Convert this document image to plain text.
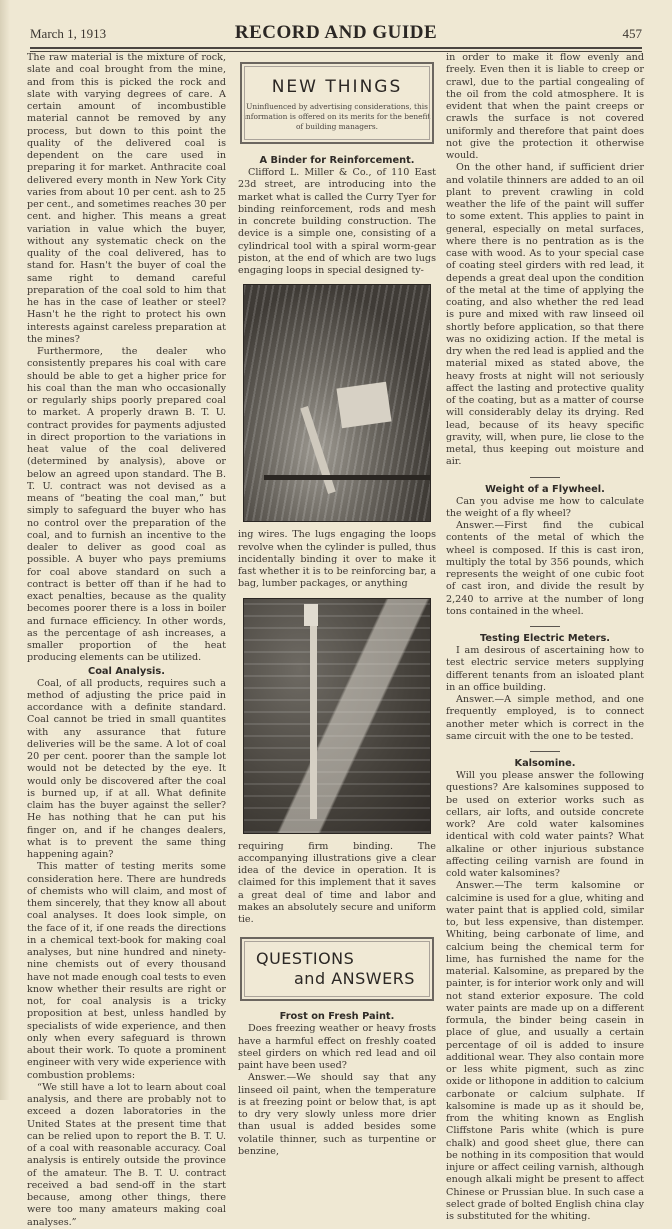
March 1, 1913	RECORD AND GUIDE	457

The raw material is the mixture of rock, slate and coal brought from the mine, and from this is picked the rock and slate with varying degrees of care. A certain amount of incombustible material cannot be removed by any process, but down to this point the quality of the delivered coal is dependent on the care used in preparing it for market. Anthracite coal delivered every month in New York City varies from about 10 per cent. ash to 25 per cent., and sometimes reaches 30 per cent. and higher. This means a great variation in value which the buyer, without any systematic check on the quality of the coal delivered, has to stand for. Hasn't the buyer of coal the same right to demand careful preparation of the coal sold to him that he has in the case of leather or steel? Hasn't he the right to protect his own interests against careless preparation at the mines?

Furthermore, the dealer who consistently prepares his coal with care should be able to get a higher price for his coal than the man who occasionally or regularly ships poorly prepared coal to market. A properly drawn B. T. U. contract provides for payments adjusted in direct proportion to the variations in heat value of the coal delivered (determined by analysis), above or below an agreed upon standard. The B. T. U. contract was not devised as a means of “beating the coal man,” but simply to safeguard the buyer who has no control over the preparation of the coal, and to furnish an incentive to the dealer to deliver as good coal as possible. A buyer who pays premiums for coal above standard on such a contract is better off than if he had to exact penalties, because as the quality becomes poorer there is a loss in boiler and furnace efficiency. In other words, as the percentage of ash increases, a smaller proportion of the heat producing elements can be utilized.

Coal Analysis.

Coal, of all products, requires such a method of adjusting the price paid in accordance with a definite standard. Coal cannot be tried in small quantites with any assurance that future deliveries will be the same. A lot of coal 20 per cent. poorer than the sample lot would not be detected by the eye. It would only be discovered after the coal is burned up, if at all. What definite claim has the buyer against the seller? He has nothing that he can put his finger on, and if he changes dealers, what is to prevent the same thing happening again?

This matter of testing merits some consideration here. There are hundreds of chemists who will claim, and most of them sincerely, that they know all about coal analyses. It does look simple, on the face of it, if one reads the directions in a chemical text-book for making coal analyses, but nine hundred and ninety-nine chemists out of every thousand have not made enough coal tests to even know whether their results are right or not, for coal analysis is a tricky proposition at best, unless handled by specialists of wide experience, and then only when every safeguard is thrown about their work. To quote a prominent engineer with very wide experience with combustion problems:

“We still have a lot to learn about coal analysis, and there are probably not to exceed a dozen laboratories in the United States at the present time that can be relied upon to report the B. T. U. of a coal with reasonable accuracy. Coal analysis is entirely outside the province of the amateur. The B. T. U. contract received a bad send-off in the start because, among other things, there were too many amateurs making coal analyses.”

NEW THINGS
Uninfluenced by advertising considerations, this information is offered on its merits for the benefit of building managers.
A Binder for Reinforcement.

Clifford L. Miller & Co., of 110 East 23d street, are introducing into the market what is called the Curry Tyer for binding reinforcement, rods and mesh in concrete building construction. The device is a simple one, consisting of a cylindrical tool with a spiral worm-gear piston, at the end of which are two lugs engaging loops in special designed ty-

ing wires. The lugs engaging the loops revolve when the cylinder is pulled, thus incidentally binding it over to make it fast whether it is to be reinforcing bar, a bag, lumber packages, or anything

requiring firm binding. The accompanying illustrations give a clear idea of the device in operation. It is claimed for this implement that it saves a great deal of time and labor and makes an absolutely secure and uniform tie.

QUESTIONS
and ANSWERS
Frost on Fresh Paint.

Does freezing weather or heavy frosts have a harmful effect on freshly coated steel girders on which red lead and oil paint have been used?

Answer.—We should say that any linseed oil paint, when the temperature is at freezing point or below that, is apt to dry very slowly unless more drier than usual is added besides some volatile thinner, such as turpentine or benzine,

in order to make it flow evenly and freely. Even then it is liable to creep or crawl, due to the partial congealing of the oil from the cold atmosphere. It is evident that when the paint creeps or crawls the surface is not covered uniformly and therefore that paint does not give the protection it otherwise would.

On the other hand, if sufficient drier and volatile thinners are added to an oil plant to prevent crawling in cold weather the life of the paint will suffer to some extent. This applies to paint in general, especially on metal surfaces, where there is no pentration as is the case with wood. As to your special case of coating steel girders with red lead, it depends a great deal upon the condition of the metal at the time of applying the coating, and also whether the red lead is pure and mixed with raw linseed oil shortly before application, so that there was no oxidizing action. If the metal is dry when the red lead is applied and the material mixed as stated above, the heavy frosts at night will not seriously affect the lasting and protective quality of the coating, but as a matter of course will considerably delay its drying. Red lead, because of its heavy specific gravity, will, when pure, lie close to the metal, thus keeping out moisture and air.

Weight of a Flywheel.

Can you advise me how to calculate the weight of a fly wheel?

Answer.—First find the cubical contents of the metal of which the wheel is composed. If this is cast iron, multiply the total by 356 pounds, which represents the weight of one cubic foot of cast iron, and divide the result by 2,240 to arrive at the number of long tons contained in the wheel.

Testing Electric Meters.

I am desirous of ascertaining how to test electric service meters supplying different tenants from an isloated plant in an office building.

Answer.—A simple method, and one frequently employed, is to connect another meter which is correct in the same circuit with the one to be tested.

Kalsomine.

Will you please answer the following questions? Are kalsomines supposed to be used on exterior works such as cellars, air lofts, and outside concrete work? Are cold water kalsomines identical with cold water paints? What alkaline or other injurious substance affecting ceiling varnish are found in cold water kalsomines?

Answer.—The term kalsomine or calcimine is used for a glue, whiting and water paint that is applied cold, similar to, but less expensive, than distemper. Whiting, being carbonate of lime, and calcium being the chemical term for lime, has furnished the name for the material. Kalsomine, as prepared by the painter, is for interior work only and will not stand exterior exposure. The cold water paints are made up on a different formula, the binder being casein in place of glue, and usually a certain percentage of oil is added to insure additional wear. They also contain more or less white pigment, such as zinc oxide or lithopone in addition to calcium carbonate or calcium sulphate. If kalsomine is made up as it should be, from the whiting known as English Cliffstone Paris white (which is pure chalk) and good sheet glue, there can be nothing in its composition that would injure or affect ceiling varnish, although enough alkali might be present to affect Chinese or Prussian blue. In such case a select grade of bolted English china clay is substituted for the whiting.
